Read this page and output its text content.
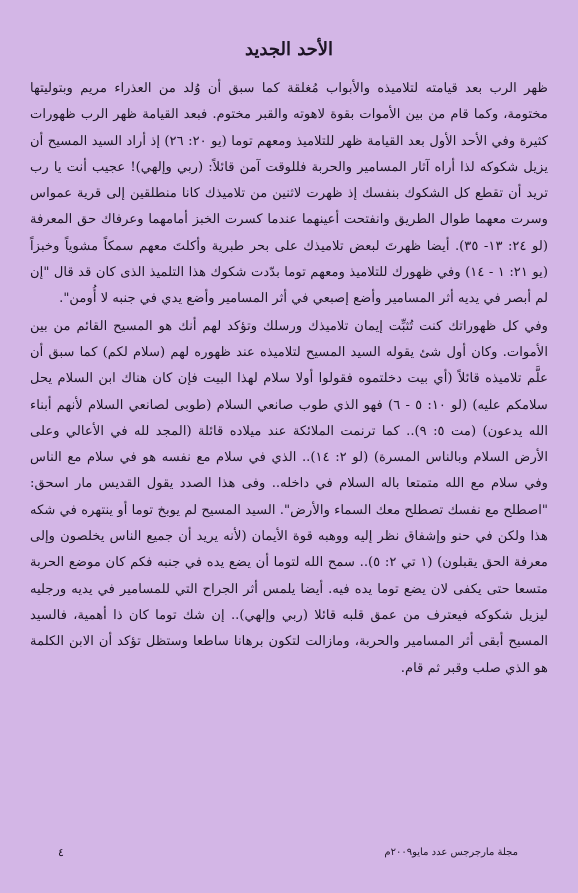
الأحد الجديد

ظهر الرب بعد قيامته لتلاميذه والأبواب مُغلقة كما سبق أن وُلد من العذراء مريم وبتوليتها مختومة، وكما قام من بين الأموات بقوة لاهوته والقبر مختوم. فبعد القيامة ظهر الرب ظهورات كثيرة وفي الأحد الأول بعد القيامة ظهر للتلاميذ ومعهم توما (يو ٢٠: ٢٦) إذ أراد السيد المسيح أن يزيل شكوكه لذا أراه آثار المسامير والحربة فللوقت آمن قائلاً: (ربي وإلهي)! عجيب أنت يا رب تريد أن تقطع كل الشكوك بنفسك إذ ظهرت لاثنين من تلاميذك كانا منطلقين إلى قرية عمواس وسرت معهما طوال الطريق وانفتحت أعينهما عندما كسرت الخبز أمامهما وعرفاك حق المعرفة (لو ٢٤: ١٣- ٣٥). أيضا ظهرتَ لبعض تلاميذك على بحر طبرية وأكلتَ معهم سمكاً مشوياً وخبزاً (يو ٢١: ١ - ١٤) وفي ظهورك للتلاميذ ومعهم توما بدّدت شكوك هذا التلميذ الذى كان قد قال "إن لم أبصر في يديه أثر المسامير وأضع إصبعي في أثر المسامير وأضع يدي في جنبه لا أُومن".

وفي كل ظهوراتك كنت تُثبِّت إيمان تلاميذك ورسلك وتؤكد لهم أنك هو المسيح القائم من بين الأموات. وكان أول شئ يقوله السيد المسيح لتلاميذه عند ظهوره لهم (سلام لكم) كما سبق أن علَّم تلاميذه قائلاً (أي بيت دخلتموه فقولوا أولا سلام لهذا البيت فإن كان هناك ابن السلام يحل سلامكم عليه) (لو ١٠: ٥ - ٦) فهو الذي طوب صانعي السلام (طوبى لصانعي السلام لأنهم أبناء الله يدعون) (مت ٥: ٩).. كما ترنمت الملائكة عند ميلاده قائلة (المجد لله في الأعالي وعلى الأرض السلام وبالناس المسرة) (لو ٢: ١٤).. الذي في سلام مع نفسه هو في سلام مع الناس وفي سلام مع الله متمتعا باله السلام في داخله.. وفى هذا الصدد يقول القديس مار اسحق: "اصطلح مع نفسك تصطلح معك السماء والأرض". السيد المسيح لم يوبخ توما أو ينتهره في شكه هذا ولكن في حنو وإشفاق نظر إليه ووهبه قوة الأيمان (لأنه يريد أن جميع الناس يخلصون وإلى معرفة الحق يقبلون) (١ تي ٢: ٥).. سمح الله لتوما أن يضع يده في جنبه فكم كان موضع الحربة متسعا حتى يكفى لان يضع توما يده فيه. أيضا يلمس أثر الجراح التي للمسامير في يديه ورجليه ليزيل شكوكه فيعترف من عمق قلبه قائلا (ربي وإلهي).. إن شك توما كان ذا أهمية، فالسيد المسيح أبقى أثر المسامير والحربة، ومازالت لتكون برهانا ساطعا وستظل تؤكد أن الابن الكلمة هو الذي صلب وقبر ثم قام.

مجلة مارجرجس عدد مايو٢٠٠٩م
٤
